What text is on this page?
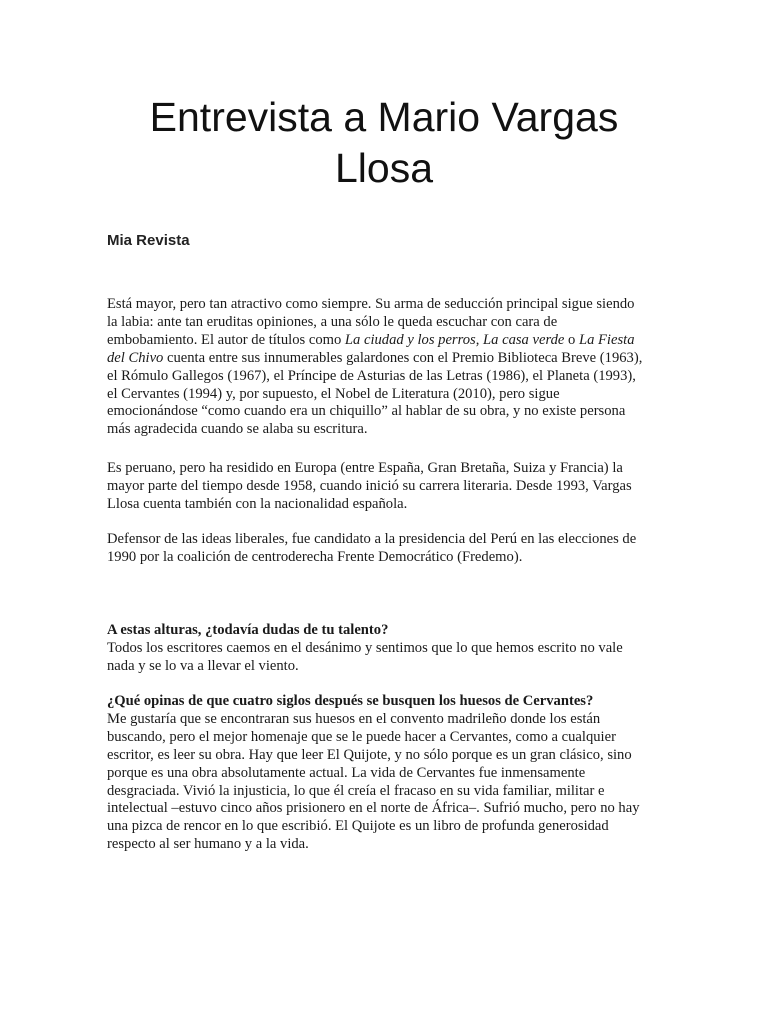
Entrevista a Mario Vargas
Llosa
Mia Revista

Está mayor, pero tan atractivo como siempre. Su arma de seducción principal sigue siendo
la labia: ante tan eruditas opiniones, a una sólo le queda escuchar con cara de
embobamiento. El autor de títulos como La ciudad y los perros, La casa verde o La Fiesta
del Chivo cuenta entre sus innumerables galardones con el Premio Biblioteca Breve (1963),
el Rómulo Gallegos (1967), el Príncipe de Asturias de las Letras (1986), el Planeta (1993),
el Cervantes (1994) y, por supuesto, el Nobel de Literatura (2010), pero sigue
emocionándose “como cuando era un chiquillo” al hablar de su obra, y no existe persona
más agradecida cuando se alaba su escritura.

Es peruano, pero ha residido en Europa (entre España, Gran Bretaña, Suiza y Francia) la
mayor parte del tiempo desde 1958, cuando inició su carrera literaria. Desde 1993, Vargas
Llosa cuenta también con la nacionalidad española.

Defensor de las ideas liberales, fue candidato a la presidencia del Perú en las elecciones de
1990 por la coalición de centroderecha Frente Democrático (Fredemo).

A estas alturas, ¿todavía dudas de tu talento?
Todos los escritores caemos en el desánimo y sentimos que lo que hemos escrito no vale
nada y se lo va a llevar el viento.
¿Qué opinas de que cuatro siglos después se busquen los huesos de Cervantes?
Me gustaría que se encontraran sus huesos en el convento madrileño donde los están
buscando, pero el mejor homenaje que se le puede hacer a Cervantes, como a cualquier
escritor, es leer su obra. Hay que leer El Quijote, y no sólo porque es un gran clásico, sino
porque es una obra absolutamente actual. La vida de Cervantes fue inmensamente
desgraciada. Vivió la injusticia, lo que él creía el fracaso en su vida familiar, militar e
intelectual –estuvo cinco años prisionero en el norte de África–. Sufrió mucho, pero no hay
una pizca de rencor en lo que escribió. El Quijote es un libro de profunda generosidad
respecto al ser humano y a la vida.
